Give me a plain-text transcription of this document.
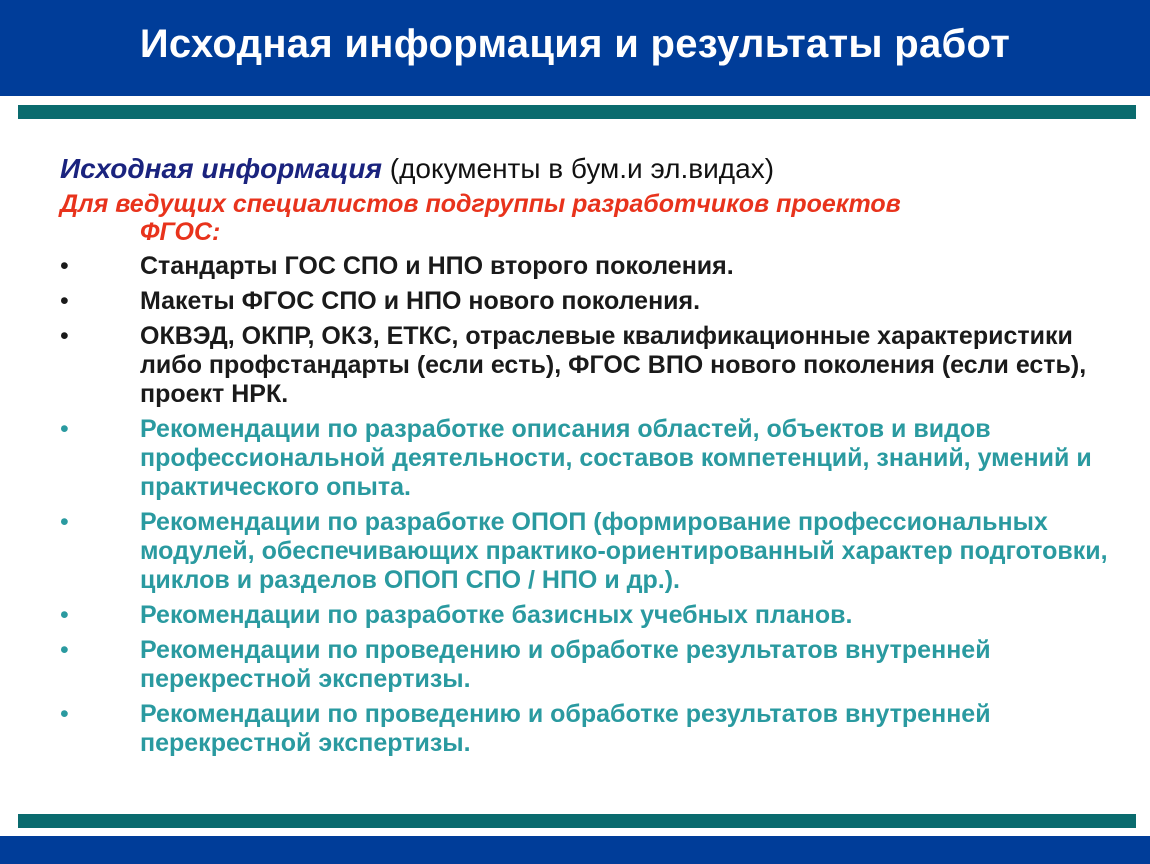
Исходная информация и результаты работ
Исходная информация (документы в бум.и эл.видах)
Для ведущих специалистов подгруппы разработчиков проектов
ФГОС:
•	Стандарты ГОС СПО и НПО второго поколения.
•	Макеты ФГОС СПО и НПО нового поколения.
•	ОКВЭД, ОКПР, ОКЗ, ЕТКС, отраслевые квалификационные характеристики либо профстандарты (если есть), ФГОС ВПО нового поколения (если есть), проект НРК.
•	Рекомендации по разработке описания областей, объектов и видов профессиональной деятельности, составов компетенций, знаний, умений и практического опыта.
•	Рекомендации по разработке ОПОП (формирование профессиональных модулей, обеспечивающих практико-ориентированный характер подготовки, циклов и разделов ОПОП СПО / НПО и др.).
•	Рекомендации по разработке базисных учебных планов.
•	Рекомендации по проведению и обработке результатов внутренней перекрестной экспертизы.
•	Рекомендации по проведению и обработке результатов внутренней перекрестной экспертизы.
